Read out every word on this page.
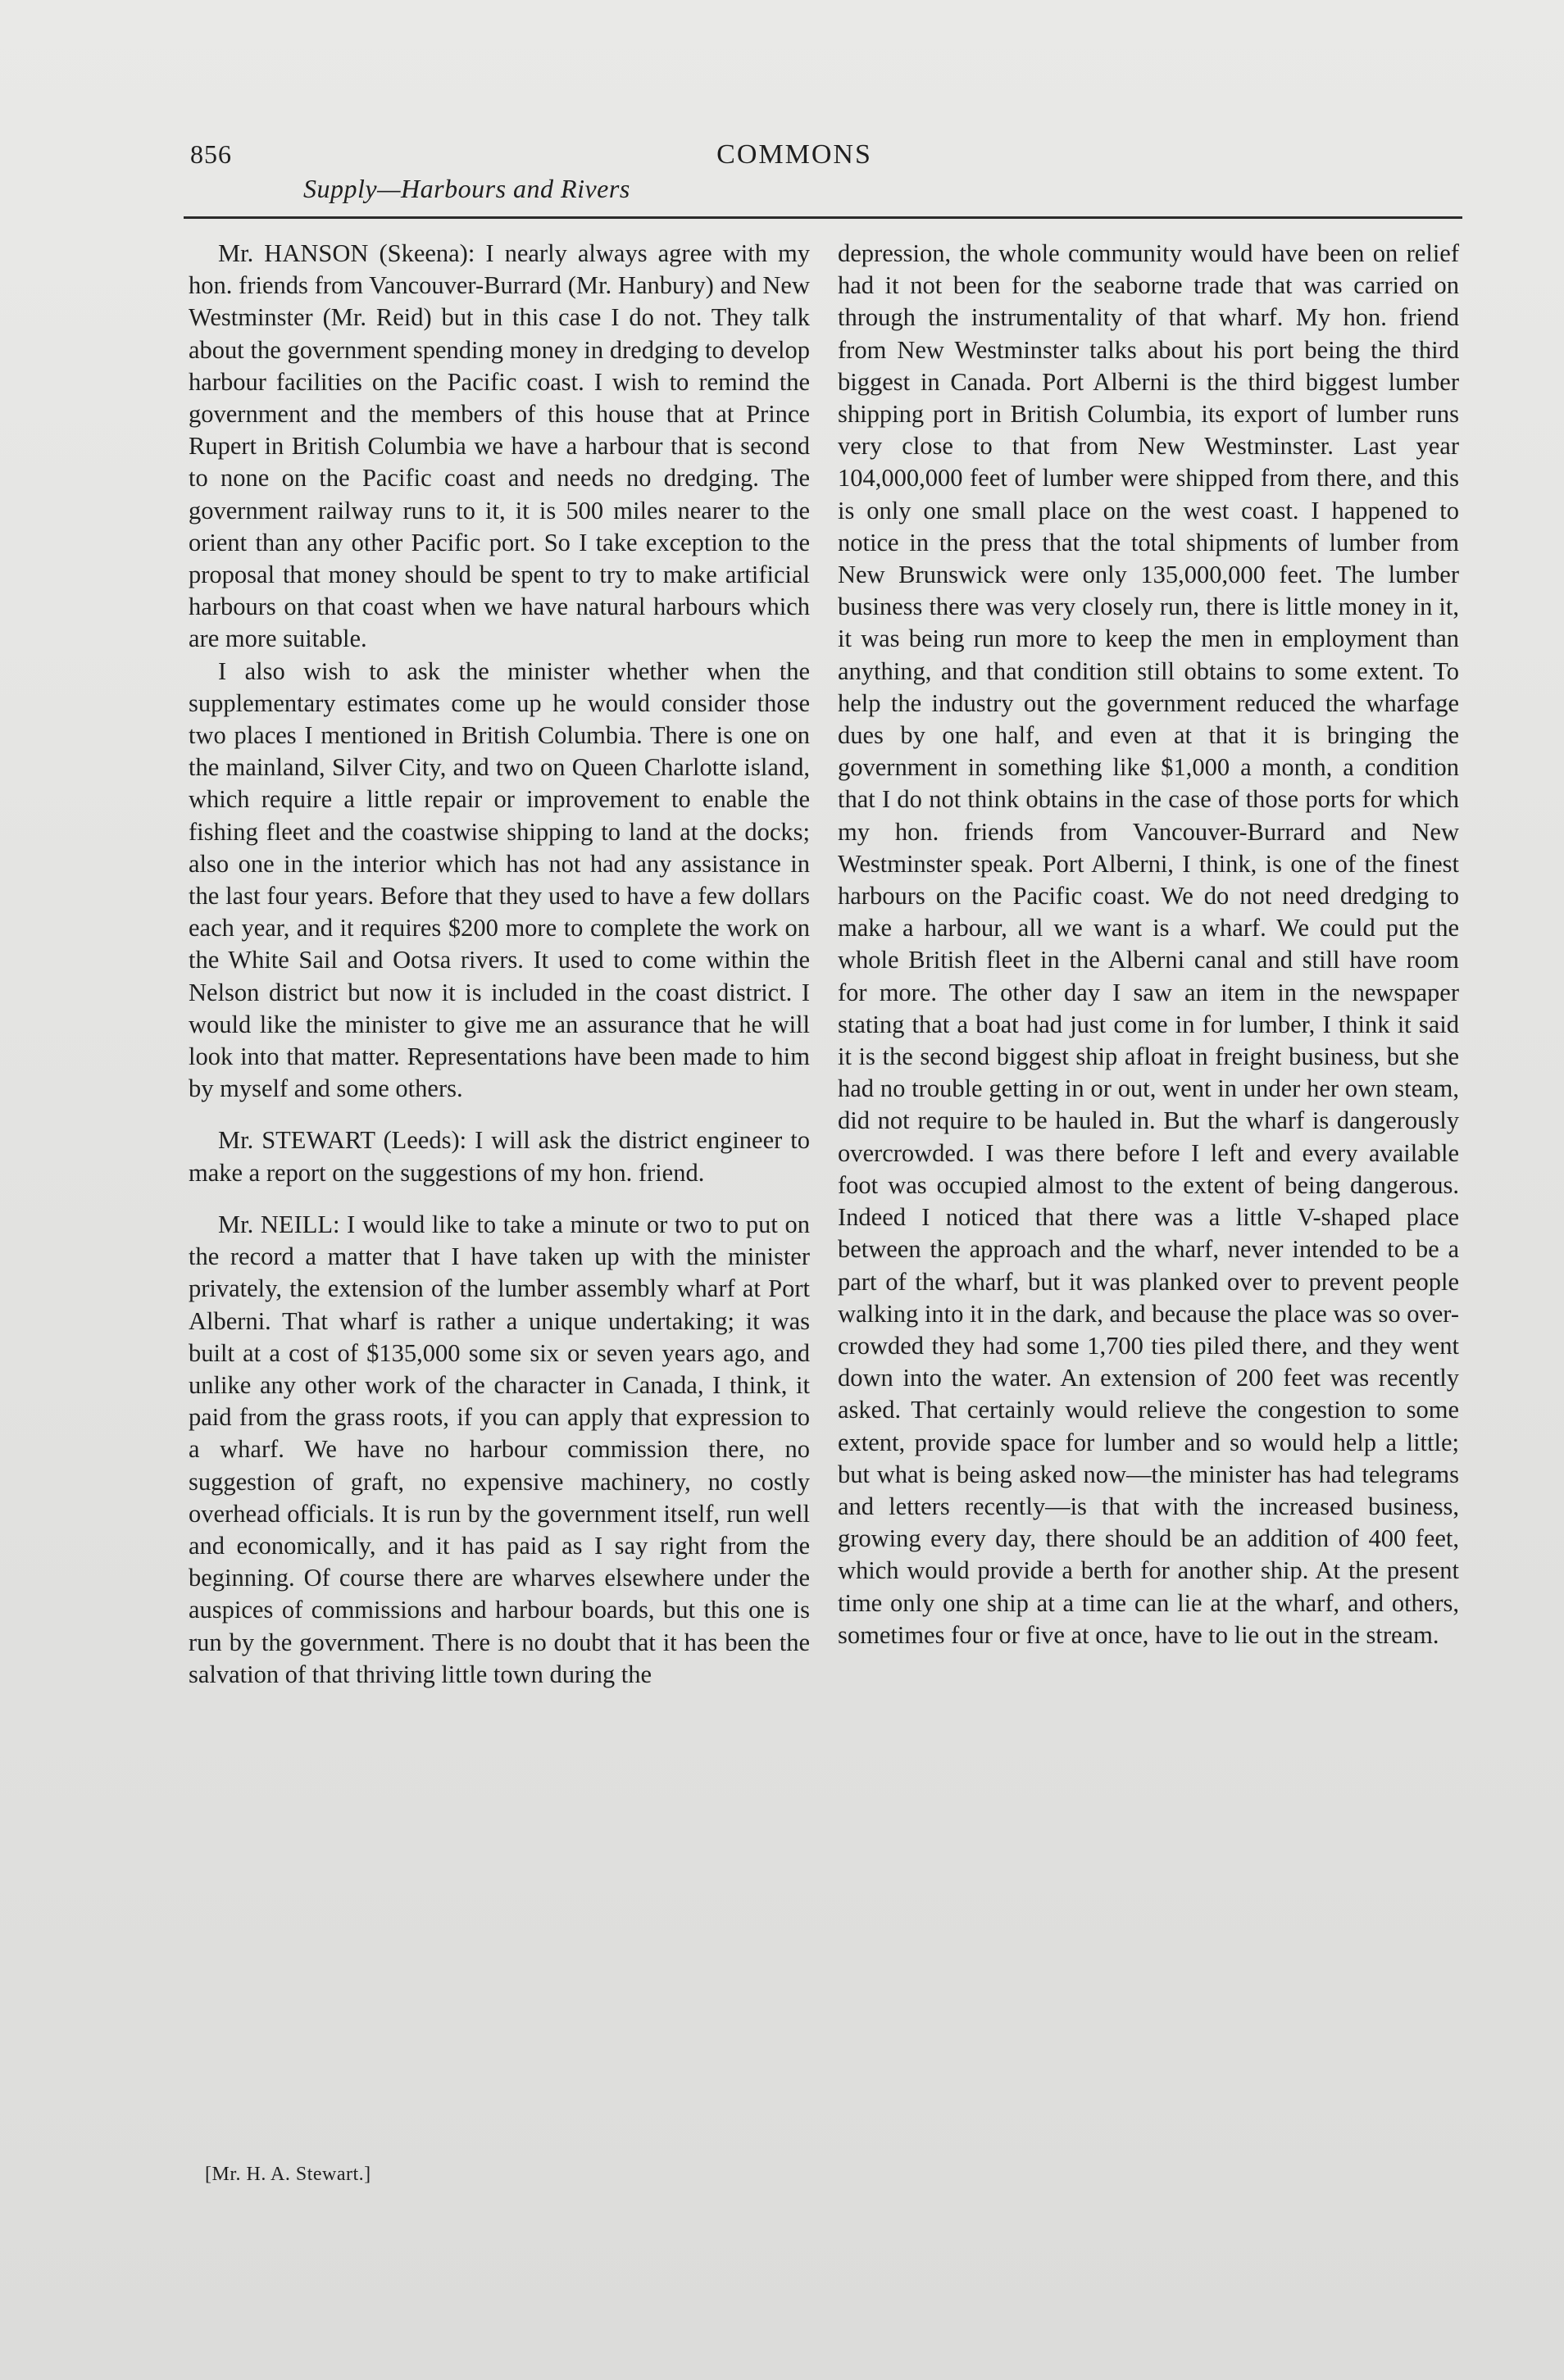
856	COMMONS
Supply—Harbours and Rivers

Mr. HANSON (Skeena): I nearly always agree with my hon. friends from Vancouver-Burrard (Mr. Hanbury) and New Westminster (Mr. Reid) but in this case I do not. They talk about the government spending money in dredging to develop harbour facilities on the Pacific coast. I wish to remind the government and the members of this house that at Prince Rupert in British Columbia we have a harbour that is second to none on the Pacific coast and needs no dredging. The government railway runs to it, it is 500 miles nearer to the orient than any other Pacific port. So I take exception to the proposal that money should be spent to try to make artificial harbours on that coast when we have natural harbours which are more suitable.

I also wish to ask the minister whether when the supplementary estimates come up he would consider those two places I mentioned in British Columbia. There is one on the mainland, Silver City, and two on Queen Charlotte island, which require a little repair or improvement to enable the fishing fleet and the coastwise shipping to land at the docks; also one in the interior which has not had any assistance in the last four years. Before that they used to have a few dollars each year, and it requires $200 more to complete the work on the White Sail and Ootsa rivers. It used to come within the Nelson district but now it is included in the coast district. I would like the minister to give me an assurance that he will look into that matter. Representations have been made to him by myself and some others.

Mr. STEWART (Leeds): I will ask the district engineer to make a report on the suggestions of my hon. friend.

Mr. NEILL: I would like to take a minute or two to put on the record a matter that I have taken up with the minister privately, the extension of the lumber assembly wharf at Port Alberni. That wharf is rather a unique undertaking; it was built at a cost of $135,000 some six or seven years ago, and unlike any other work of the character in Canada, I think, it paid from the grass roots, if you can apply that expression to a wharf. We have no harbour commission there, no suggestion of graft, no expensive machinery, no costly overhead officials. It is run by the government itself, run well and economically, and it has paid as I say right from the beginning. Of course there are wharves elsewhere under the auspices of commissions and harbour boards, but this one is run by the government. There is no doubt that it has been the salvation of that thriving little town during the

depression, the whole community would have been on relief had it not been for the seaborne trade that was carried on through the instrumentality of that wharf. My hon. friend from New Westminster talks about his port being the third biggest in Canada. Port Alberni is the third biggest lumber shipping port in British Columbia, its export of lumber runs very close to that from New Westminster. Last year 104,000,000 feet of lumber were shipped from there, and this is only one small place on the west coast. I happened to notice in the press that the total shipments of lumber from New Brunswick were only 135,000,000 feet. The lumber business there was very closely run, there is little money in it, it was being run more to keep the men in employment than anything, and that condition still obtains to some extent. To help the industry out the government reduced the wharfage dues by one half, and even at that it is bringing the government in something like $1,000 a month, a condition that I do not think obtains in the case of those ports for which my hon. friends from Vancouver-Burrard and New Westminster speak. Port Alberni, I think, is one of the finest harbours on the Pacific coast. We do not need dredging to make a harbour, all we want is a wharf. We could put the whole British fleet in the Alberni canal and still have room for more. The other day I saw an item in the newspaper stating that a boat had just come in for lumber, I think it said it is the second biggest ship afloat in freight business, but she had no trouble getting in or out, went in under her own steam, did not require to be hauled in. But the wharf is dangerously overcrowded. I was there before I left and every available foot was occupied almost to the extent of being dangerous. Indeed I noticed that there was a little V-shaped place between the approach and the wharf, never intended to be a part of the wharf, but it was planked over to prevent people walking into it in the dark, and because the place was so over-crowded they had some 1,700 ties piled there, and they went down into the water. An extension of 200 feet was recently asked. That certainly would relieve the congestion to some extent, provide space for lumber and so would help a little; but what is being asked now—the minister has had telegrams and letters recently—is that with the increased business, growing every day, there should be an addition of 400 feet, which would provide a berth for another ship. At the present time only one ship at a time can lie at the wharf, and others, sometimes four or five at once, have to lie out in the stream.

[Mr. H. A. Stewart.]
